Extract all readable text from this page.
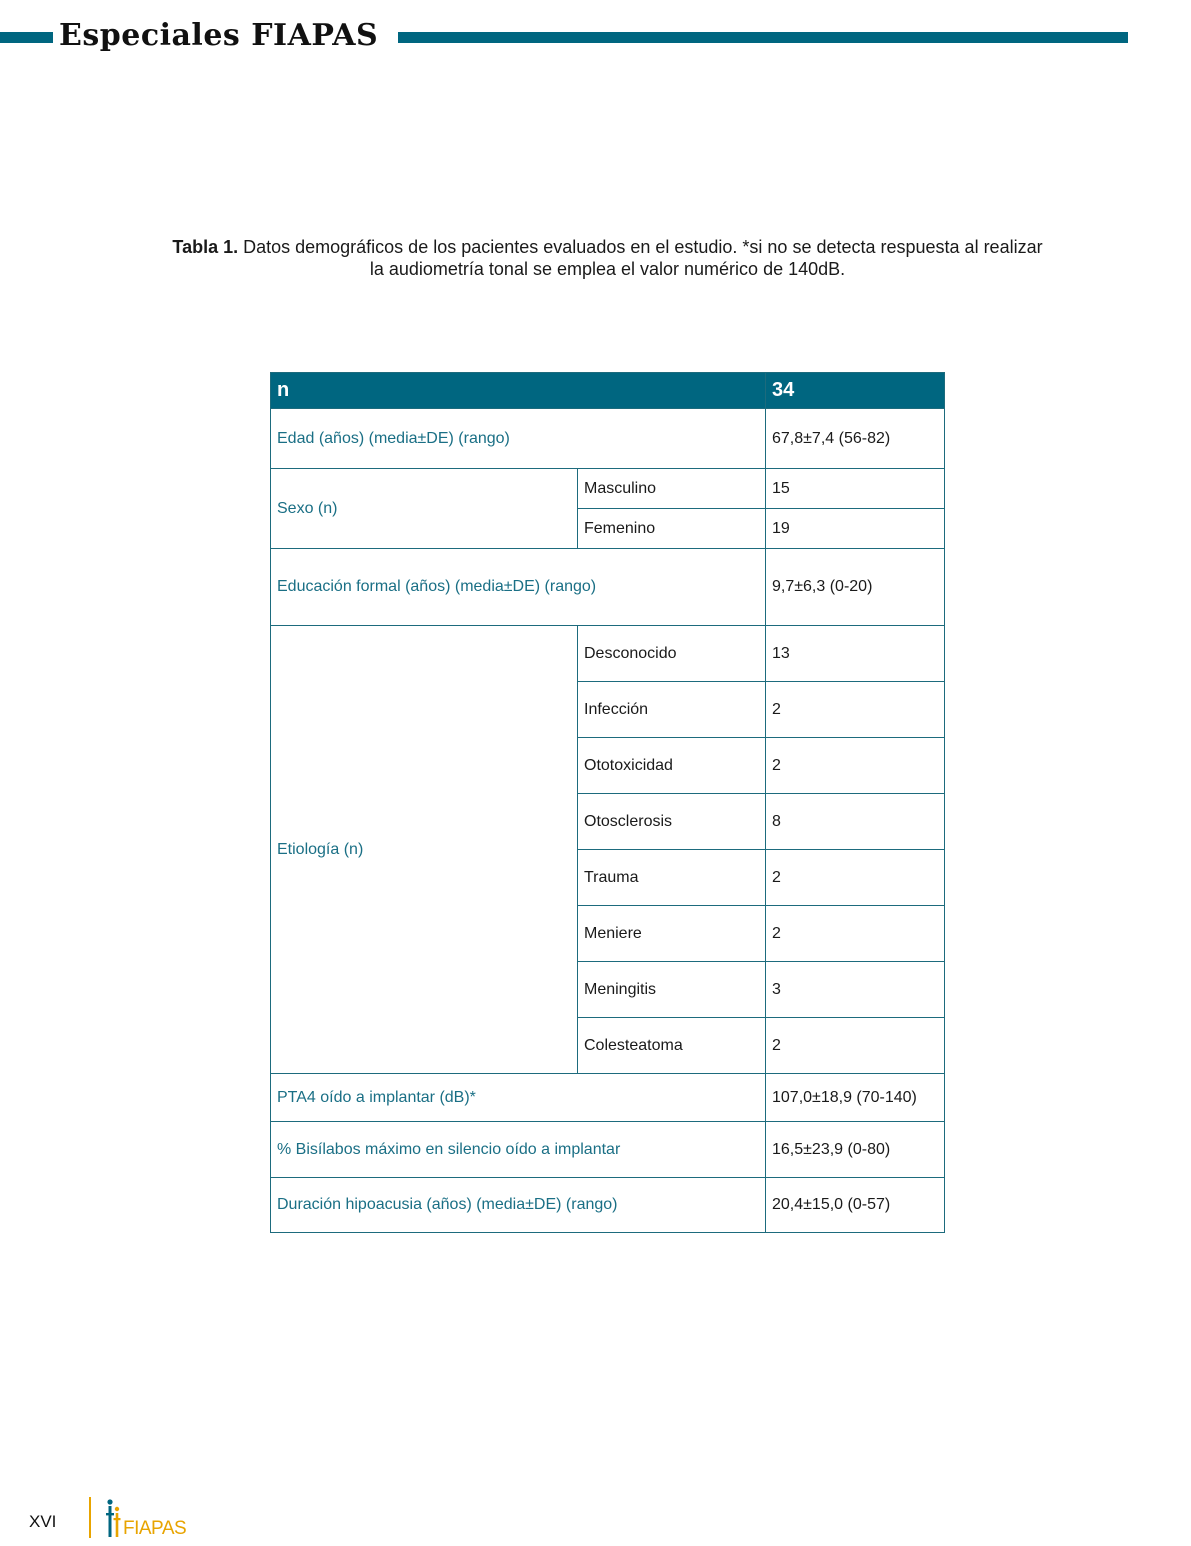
Especiales FIAPAS
Tabla 1. Datos demográficos de los pacientes evaluados en el estudio. *si no se detecta respuesta al realizar
la audiometría tonal se emplea el valor numérico de 140dB.
n		34
Edad (años) (media±DE) (rango)		67,8±7,4 (56-82)
Sexo (n)	Masculino	15
	Femenino	19
Educación formal (años) (media±DE) (rango)		9,7±6,3 (0-20)
Etiología (n)	Desconocido	13
	Infección	2
	Ototoxicidad	2
	Otosclerosis	8
	Trauma	2
	Meniere	2
	Meningitis	3
	Colesteatoma	2
PTA4 oído a implantar (dB)*		107,0±18,9 (70-140)
% Bisílabos máximo en silencio oído a implantar		16,5±23,9 (0-80)
Duración hipoacusia (años) (media±DE) (rango)		20,4±15,0 (0-57)
XVI	FIAPAS
